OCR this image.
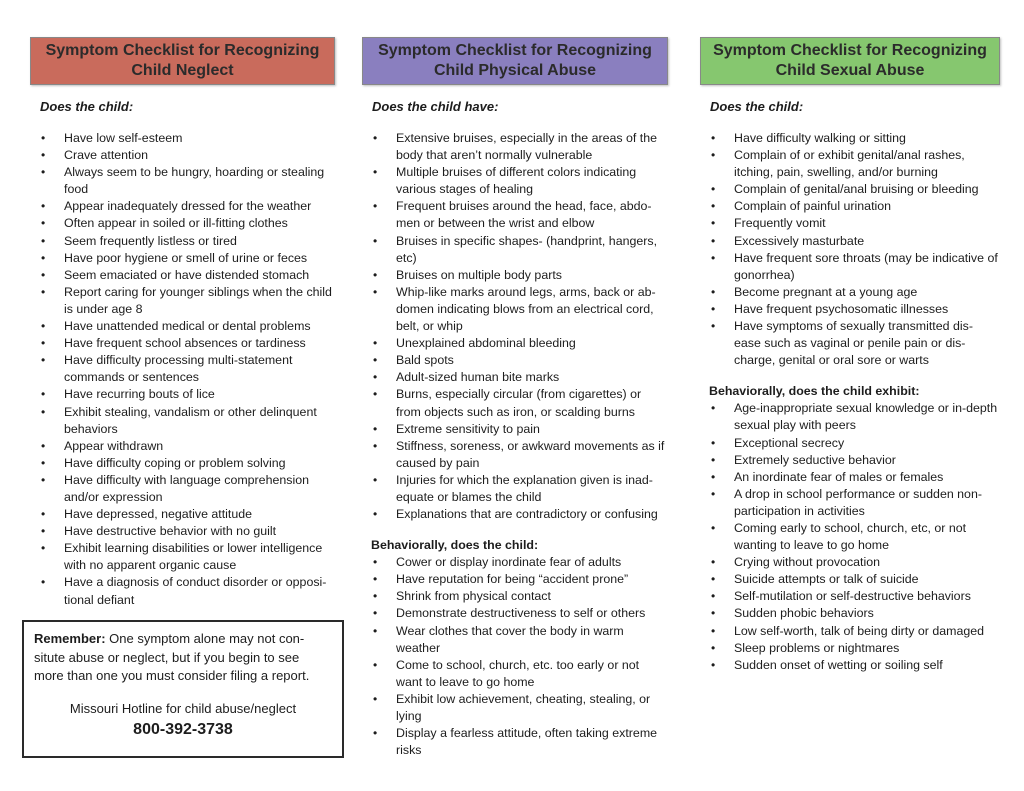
Symptom Checklist for Recognizing
Child Neglect
Does the child:
• Have low self-esteem
• Crave attention
• Always seem to be hungry, hoarding or stealing food
• Appear inadequately dressed for the weather
• Often appear in soiled or ill-fitting clothes
• Seem frequently listless or tired
• Have poor hygiene or smell of urine or feces
• Seem emaciated or have distended stomach
• Report caring for younger siblings when the child is under age 8
• Have unattended medical or dental problems
• Have frequent school absences or tardiness
• Have difficulty processing multi-statement commands or sentences
• Have recurring bouts of lice
• Exhibit stealing, vandalism or other delinquent behaviors
• Appear withdrawn
• Have difficulty coping or problem solving
• Have difficulty with language comprehension and/or expression
• Have depressed, negative attitude
• Have destructive behavior with no guilt
• Exhibit learning disabilities or lower intelligence with no apparent organic cause
• Have a diagnosis of conduct disorder or opposi- tional defiant
Symptom Checklist for Recognizing
Child Physical Abuse
Does the child have:
• Extensive bruises, especially in the areas of the body that aren’t normally vulnerable
• Multiple bruises of different colors indicating various stages of healing
• Frequent bruises around the head, face, abdo- men or between the wrist and elbow
• Bruises in specific shapes- (handprint, hangers, etc)
• Bruises on multiple body parts
• Whip-like marks around legs, arms, back or ab- domen indicating blows from an electrical cord, belt, or whip
• Unexplained abdominal bleeding
• Bald spots
• Adult-sized human bite marks
• Burns, especially circular (from cigarettes) or from objects such as iron, or scalding burns
• Extreme sensitivity to pain
• Stiffness, soreness, or awkward movements as if caused by pain
• Injuries for which the explanation given is inad- equate or blames the child
• Explanations that are contradictory or confusing
Behaviorally, does the child:
• Cower or display inordinate fear of adults
• Have reputation for being “accident prone”
• Shrink from physical contact
• Demonstrate destructiveness to self or others
• Wear clothes that cover the body in warm weather
• Come to school, church, etc. too early or not want to leave to go home
• Exhibit low achievement, cheating, stealing, or lying
• Display a fearless attitude, often taking extreme risks
Symptom Checklist for Recognizing
Child Sexual Abuse
Does the child:
• Have difficulty walking or sitting
• Complain of or exhibit genital/anal rashes, itching, pain, swelling, and/or burning
• Complain of genital/anal bruising or bleeding
• Complain of painful urination
• Frequently vomit
• Excessively masturbate
• Have frequent sore throats (may be indicative of gonorrhea)
• Become pregnant at a young age
• Have frequent psychosomatic illnesses
• Have symptoms of sexually transmitted dis- ease such as vaginal or penile pain or dis- charge, genital or oral sore or warts
Behaviorally, does the child exhibit:
• Age-inappropriate sexual knowledge or in-depth sexual play with peers
• Exceptional secrecy
• Extremely seductive behavior
• An inordinate fear of males or females
• A drop in school performance or sudden non- participation in activities
• Coming early to school, church, etc, or not wanting to leave to go home
• Crying without provocation
• Suicide attempts or talk of suicide
• Self-mutilation or self-destructive behaviors
• Sudden phobic behaviors
• Low self-worth, talk of being dirty or damaged
• Sleep problems or nightmares
• Sudden onset of wetting or soiling self
Remember: One symptom alone may not con- situte abuse or neglect, but if you begin to see more than one you must consider filing a report.
Missouri Hotline for child abuse/neglect
800-392-3738
